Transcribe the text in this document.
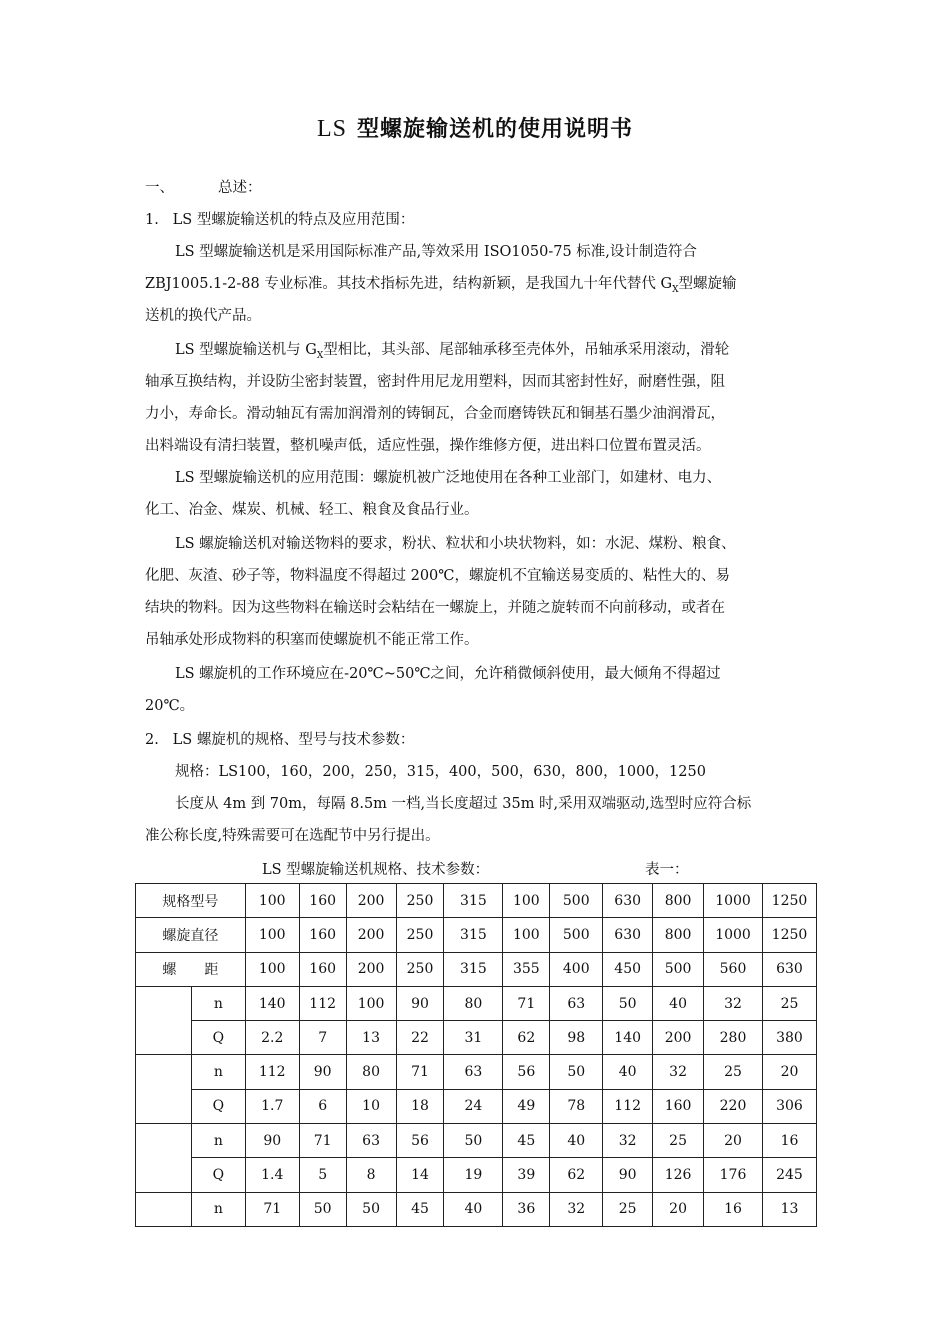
LS 型螺旋输送机的使用说明书
一、	总述：
1.   LS 型螺旋输送机的特点及应用范围：
LS 型螺旋输送机是采用国际标准产品,等效采用 ISO1050-75 标准,设计制造符合
ZBJ1005.1-2-88 专业标准。其技术指标先进，结构新颖，是我国九十年代替代 $G_X$型螺旋输
送机的换代产品。
LS 型螺旋输送机与 $G_X$型相比，其头部、尾部轴承移至壳体外，吊轴承采用滚动，滑轮
轴承互换结构，并设防尘密封装置，密封件用尼龙用塑料，因而其密封性好，耐磨性强，阻
力小，寿命长。滑动轴瓦有需加润滑剂的铸铜瓦，合金而磨铸铁瓦和铜基石墨少油润滑瓦，
出料端设有清扫装置，整机噪声低，适应性强，操作维修方便，进出料口位置布置灵活。
LS 型螺旋输送机的应用范围：螺旋机被广泛地使用在各种工业部门，如建材、电力、
化工、冶金、煤炭、机械、轻工、粮食及食品行业。
LS 螺旋输送机对输送物料的要求，粉状、粒状和小块状物料，如：水泥、煤粉、粮食、
化肥、灰渣、砂子等，物料温度不得超过 200℃，螺旋机不宜输送易变质的、粘性大的、易
结块的物料。因为这些物料在输送时会粘结在一螺旋上，并随之旋转而不向前移动，或者在
吊轴承处形成物料的积塞而使螺旋机不能正常工作。
LS 螺旋机的工作环境应在-20℃~50℃之间，允许稍微倾斜使用，最大倾角不得超过
20℃。
2.   LS 螺旋机的规格、型号与技术参数：
规格：LS100，160，200，250，315，400，500，630，800，1000，1250
长度从 4m 到 70m，每隔 8.5m 一档,当长度超过 35m 时,采用双端驱动,选型时应符合标
准公称长度,特殊需要可在选配节中另行提出。
LS 型螺旋输送机规格、技术参数：	表一：
规格型号		100	160	200	250	315	100	500	630	800	1000	1250
螺旋直径		100	160	200	250	315	100	500	630	800	1000	1250
螺　　距		100	160	200	250	315	355	400	450	500	560	630
	n	140	112	100	90	80	71	63	50	40	32	25
	Q	2.2	7	13	22	31	62	98	140	200	280	380
	n	112	90	80	71	63	56	50	40	32	25	20
	Q	1.7	6	10	18	24	49	78	112	160	220	306
	n	90	71	63	56	50	45	40	32	25	20	16
	Q	1.4	5	8	14	19	39	62	90	126	176	245
	n	71	50	50	45	40	36	32	25	20	16	13
